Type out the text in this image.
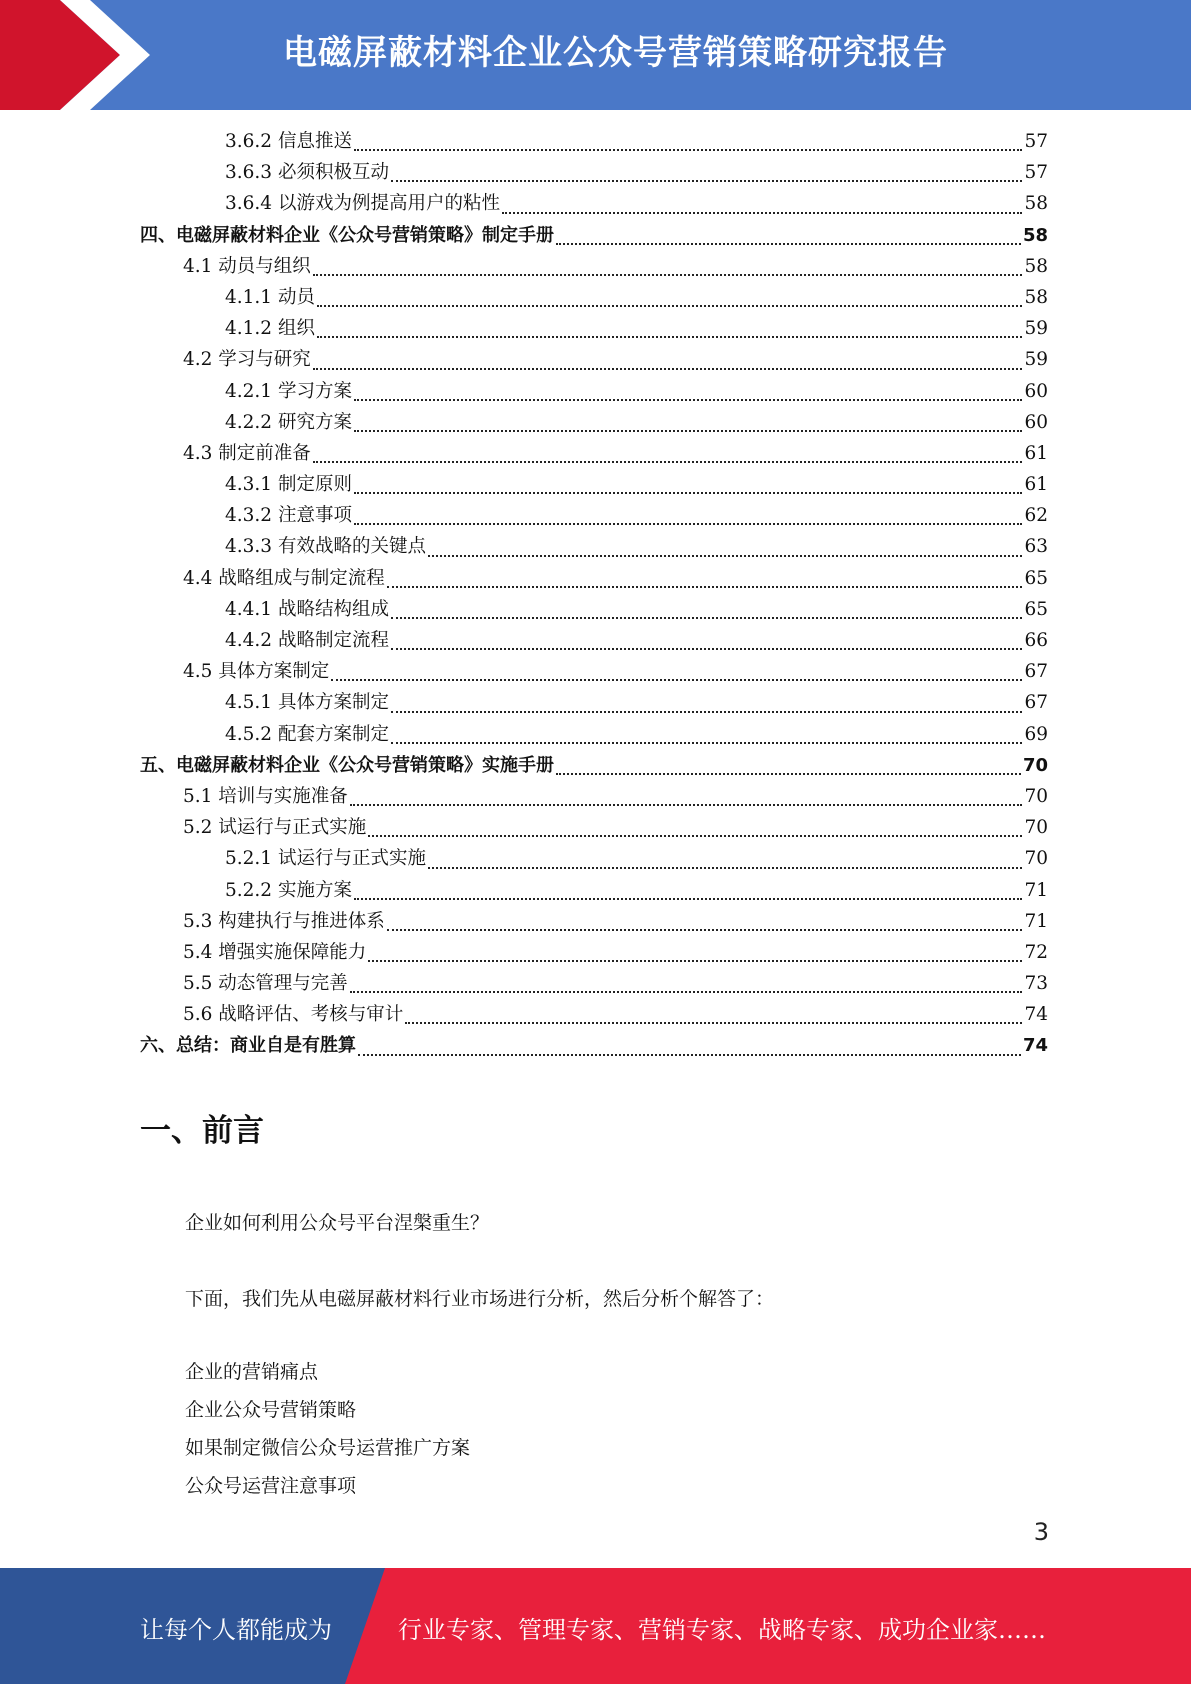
电磁屏蔽材料企业公众号营销策略研究报告
3.6.2 信息推送	57
3.6.3 必须积极互动	57
3.6.4 以游戏为例提高用户的粘性	58
四、电磁屏蔽材料企业《公众号营销策略》制定手册	58
4.1 动员与组织	58
4.1.1 动员	58
4.1.2 组织	59
4.2 学习与研究	59
4.2.1 学习方案	60
4.2.2 研究方案	60
4.3 制定前准备	61
4.3.1 制定原则	61
4.3.2 注意事项	62
4.3.3 有效战略的关键点	63
4.4 战略组成与制定流程	65
4.4.1 战略结构组成	65
4.4.2 战略制定流程	66
4.5 具体方案制定	67
4.5.1 具体方案制定	67
4.5.2 配套方案制定	69
五、电磁屏蔽材料企业《公众号营销策略》实施手册	70
5.1 培训与实施准备	70
5.2 试运行与正式实施	70
5.2.1 试运行与正式实施	70
5.2.2 实施方案	71
5.3 构建执行与推进体系	71
5.4 增强实施保障能力	72
5.5 动态管理与完善	73
5.6 战略评估、考核与审计	74
六、总结：商业自是有胜算	74
一、前言
企业如何利用公众号平台涅槃重生？
下面，我们先从电磁屏蔽材料行业市场进行分析，然后分析个解答了：
企业的营销痛点
企业公众号营销策略
如果制定微信公众号运营推广方案
公众号运营注意事项
3
让每个人都能成为	行业专家、管理专家、营销专家、战略专家、成功企业家……
